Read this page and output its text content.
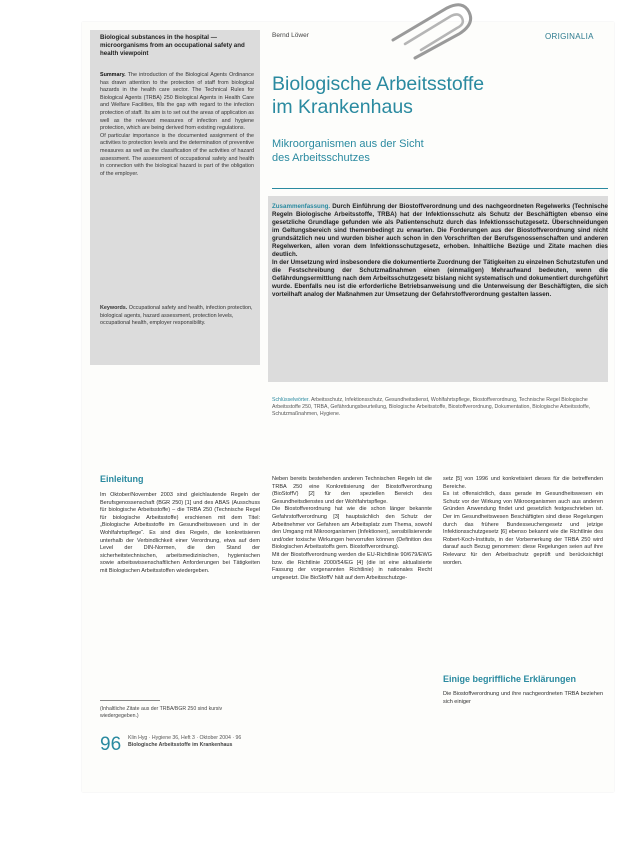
Biological substances in the hospital — microorganisms from an occupational safety and health viewpoint
Summary. The introduction of the Biological Agents Ordinance has drawn attention to the protection of staff from biological hazards in the health care sector. The Technical Rules for Biological Agents (TRBA) 250 Biological Agents in Health Care and Welfare Facilities, fills the gap with regard to the infection protection of staff. Its aim is to set out the areas of application as well as the relevant measures of infection and hygiene protection, which are being derived from existing regulations.
Of particular importance is the documented assignment of the activities to protection levels and the determination of preventive measures as well as the classification of the activities of hazard assessment. The assessment of occupational safety and health in connection with the biological hazard is part of the obligation of the employer.
Keywords. Occupational safety and health, infection protection, biological agents, hazard assessment, protection levels, occupational health, employer responsibility.
Bernd Löwer	ORIGINALIA
Biologische Arbeitsstoffe
im Krankenhaus
Mikroorganismen aus der Sicht
des Arbeitsschutzes
Zusammenfassung. Durch Einführung der Biostoffverordnung und des nachgeordneten Regelwerks (Technische Regeln Biologische Arbeitsstoffe, TRBA) hat der Infektionsschutz als Schutz der Beschäftigten ebenso eine gesetzliche Grundlage gefunden wie als Patientenschutz durch das Infektionsschutzgesetz. Überschneidungen im Geltungsbereich sind themenbedingt zu erwarten. Die Forderungen aus der Biostoffverordnung sind nicht grundsätzlich neu und wurden bisher auch schon in den Vorschriften der Berufsgenossenschaften und anderen Regelwerken, allen voran dem Infektionsschutzgesetz, erhoben. Inhaltliche Bezüge und Zitate machen dies deutlich.
In der Umsetzung wird insbesondere die dokumentierte Zuordnung der Tätigkeiten zu einzelnen Schutzstufen und die Festschreibung der Schutzmaßnahmen einen (einmaligen) Mehraufwand bedeuten, wenn die Gefährdungsermittlung nach dem Arbeitsschutzgesetz bislang nicht systematisch und dokumentiert durchgeführt wurde. Ebenfalls neu ist die erforderliche Betriebsanweisung und die Unterweisung der Beschäftigten, die sich vorteilhaft analog der Maßnahmen zur Umsetzung der Gefahrstoffverordnung gestalten lassen.
Schlüsselwörter. Arbeitsschutz, Infektionsschutz, Gesundheitsdienst, Wohlfahrtspflege, Biostoffverordnung, Technische Regel Biologische Arbeitsstoffe 250, TRBA, Gefährdungsbeurteilung, Biologische Arbeitsstoffe, Biostoffverordnung, Dokumentation, Biologische Arbeitsstoffe, Schutzmaßnahmen, Hygiene.
Einleitung
Im Oktober/November 2003 sind gleichlautende Regeln der Berufsgenossenschaft (BGR 250) [1] und des ABAS (Ausschuss für biologische Arbeitsstoffe) – die TRBA 250 (Technische Regel für biologische Arbeitsstoffe) erschienen mit dem Titel: „Biologische Arbeitsstoffe im Gesundheitswesen und in der Wohlfahrtspflege“. Es sind dies Regeln, die konkretisieren unterhalb der Verbindlichkeit einer Verordnung, etwa auf dem Level der DIN-Normen, die den Stand der sicherheitstechnischen, arbeitsmedizinischen, hygienischen sowie arbeitswissenschaftlichen Anforderungen bei Tätigkeiten mit Biologischen Arbeitsstoffen wiedergeben.
Neben bereits bestehenden anderen Technischen Regeln ist die TRBA 250 eine Konkretisierung der Biostoffverordnung (BioStoffV) [2] für den speziellen Bereich des Gesundheitsdienstes und der Wohlfahrtspflege.
Die Biostoffverordnung hat wie die schon länger bekannte Gefahrstoffverordnung [3] hauptsächlich den Schutz der Arbeitnehmer vor Gefahren am Arbeitsplatz zum Thema, sowohl den Umgang mit Mikroorganismen (Infektionen), sensibilisierende und/oder toxische Wirkungen hervorrufen können (Definition des Biologischen Arbeitsstoffs gem. Biostoffverordnung).
Mit der Biostoffverordnung werden die EU-Richtlinie 90/679/EWG bzw. die Richtlinie 2000/54/EG [4] (die ist eine aktualisierte Fassung der vorgenannten Richtlinie) in nationales Recht umgesetzt. Die BioStoffV hält auf dem Arbeitsschutzge-
setz [5] von 1996 und konkretisiert dieses für die betreffenden Bereiche.
Es ist offensichtlich, dass gerade im Gesundheitswesen ein Schutz vor der Wirkung von Mikroorganismen auch aus anderen Gründen Anwendung findet und gesetzlich festgeschrieben ist. Der im Gesundheitswesen Beschäftigten sind diese Regelungen durch das frühere Bundesseuchengesetz und jetzige Infektionsschutzgesetz [6] ebenso bekannt wie die Richtlinie des Robert-Koch-Instituts, in der Vorbemerkung der TRBA 250 wird darauf auch Bezug genommen: diese Regelungen seien auf ihre Relevanz für den Arbeitsschutz geprüft und berücksichtigt worden.
Einige begriffliche Erklärungen
Die Biostoffverordnung und ihre nachgeordneten TRBA beziehen sich einiger
(Inhaltliche Zitate aus der TRBA/BGR 250 sind kursiv wiedergegeben.)
96 Klin Hyg · Hygiene 36, Heft 3 · Oktober 2004 · 96
Biologische Arbeitsstoffe im Krankenhaus
